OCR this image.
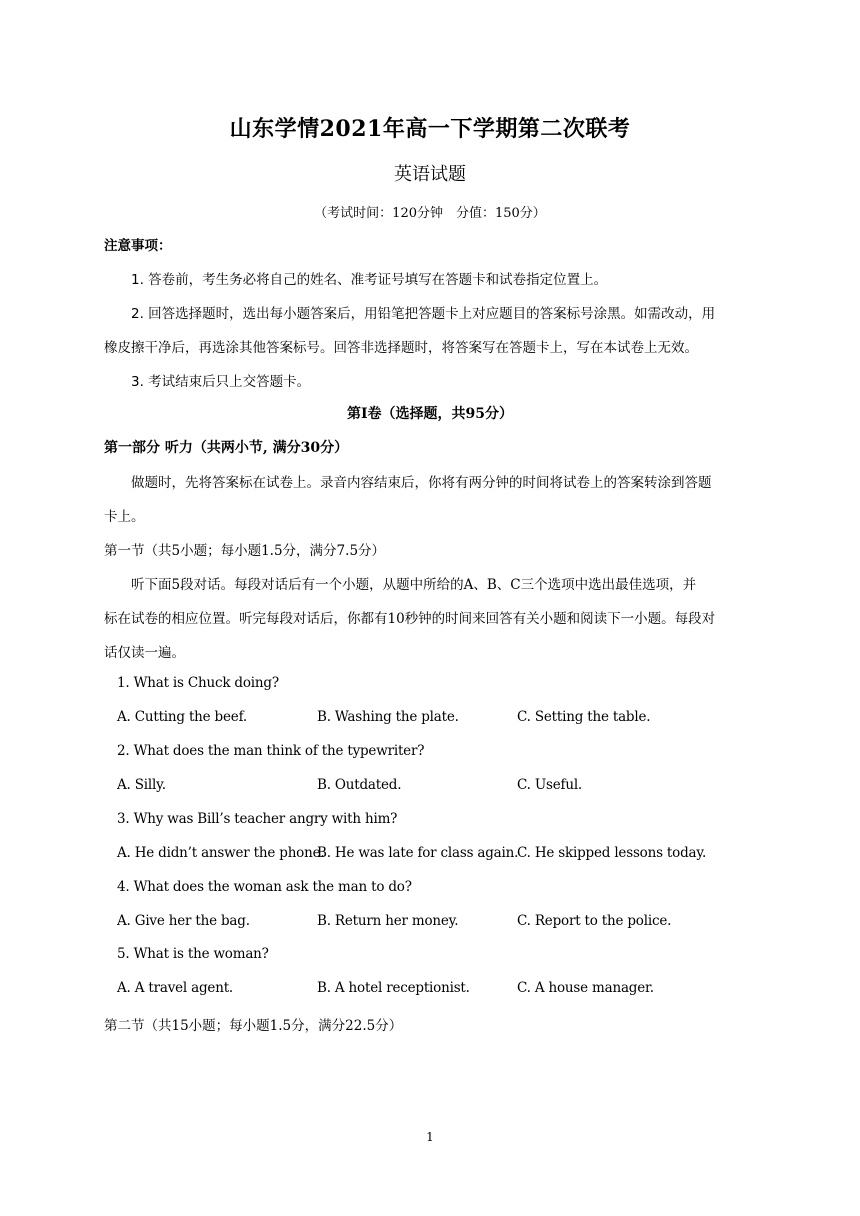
山东学情2021年高一下学期第二次联考
英语试题
（考试时间：120分钟　分值：150分）
注意事项：
1. 答卷前，考生务必将自己的姓名、准考证号填写在答题卡和试卷指定位置上。
2. 回答选择题时，选出每小题答案后，用铅笔把答题卡上对应题目的答案标号涂黑。如需改动，用
橡皮擦干净后，再选涂其他答案标号。回答非选择题时，将答案写在答题卡上，写在本试卷上无效。
3. 考试结束后只上交答题卡。
第I卷（选择题，共95分）
第一部分 听力（共两小节, 满分30分）
做题时，先将答案标在试卷上。录音内容结束后，你将有两分钟的时间将试卷上的答案转涂到答题
卡上。
第一节（共5小题；每小题1.5分，满分7.5分）
听下面5段对话。每段对话后有一个小题，从题中所给的A、B、C三个选项中选出最佳选项，并
标在试卷的相应位置。听完每段对话后，你都有10秒钟的时间来回答有关小题和阅读下一小题。每段对
话仅读一遍。
1. What is Chuck doing?
A. Cutting the beef.	B. Washing the plate.	C. Setting the table.
2. What does the man think of the typewriter?
A. Silly.	B. Outdated.	C. Useful.
3. Why was Bill’s teacher angry with him?
A. He didn’t answer the phone.
B. He was late for class again.
C. He skipped lessons today.
4. What does the woman ask the man to do?
A. Give her the bag.	B. Return her money.	C. Report to the police.
5. What is the woman?
A. A travel agent.	B. A hotel receptionist.	C. A house manager.
第二节（共15小题；每小题1.5分，满分22.5分）
1
